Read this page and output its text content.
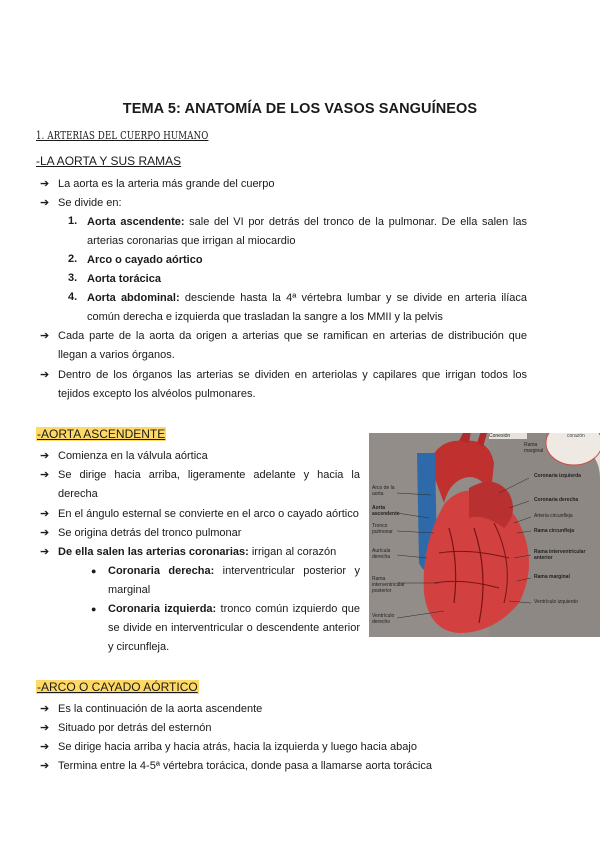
TEMA 5: ANATOMÍA DE LOS VASOS SANGUÍNEOS
1. ARTERIAS DEL CUERPO HUMANO
-LA AORTA Y SUS RAMAS
➔ La aorta es la arteria más grande del cuerpo
➔ Se divide en:
1. Aorta ascendente: sale del VI por detrás del tronco de la pulmonar. De ella salen las
arterias coronarias que irrigan al miocardio
2. Arco o cayado aórtico
3. Aorta torácica
4. Aorta abdominal: desciende hasta la 4ª vértebra lumbar y se divide en arteria ilíaca
común derecha e izquierda que trasladan la sangre a los MMII y la pelvis
➔ Cada parte de la aorta da origen a arterias que se ramifican en arterias de distribución que
llegan a varios órganos.
➔ Dentro de los órganos las arterias se dividen en arteriolas y capilares que irrigan todos los
tejidos excepto los alvéolos pulmonares.
-AORTA ASCENDENTE
➔ Comienza en la válvula aórtica
➔ Se dirige hacia arriba, ligeramente adelante y hacia la
derecha
➔ En el ángulo esternal se convierte en el arco o cayado aórtico
➔ Se origina detrás del tronco pulmonar
➔ De ella salen las arterias coronarias: irrigan al corazón
● Coronaria derecha: interventricular posterior y
marginal
● Coronaria izquierda: tronco común izquierdo que
se divide en interventricular o descendente anterior
y circunfleja.
Arco de la aorta
Aorta ascendente
Tronco pulmonar
Aurícula derecha
Rama interventricular posterior
Ventrículo derecho
Coronaria izquierda
Coronaria derecha
Arteria circunfleja
Rama circunfleja
Rama interventricular anterior
Rama marginal
Ventrículo izquierdo
Conexión
Rama marginal
corazón
-ARCO O CAYADO AÓRTICO
➔ Es la continuación de la aorta ascendente
➔ Situado por detrás del esternón
➔ Se dirige hacia arriba y hacia atrás, hacia la izquierda y luego hacia abajo
➔ Termina entre la 4-5ª vértebra torácica, donde pasa a llamarse aorta torácica
